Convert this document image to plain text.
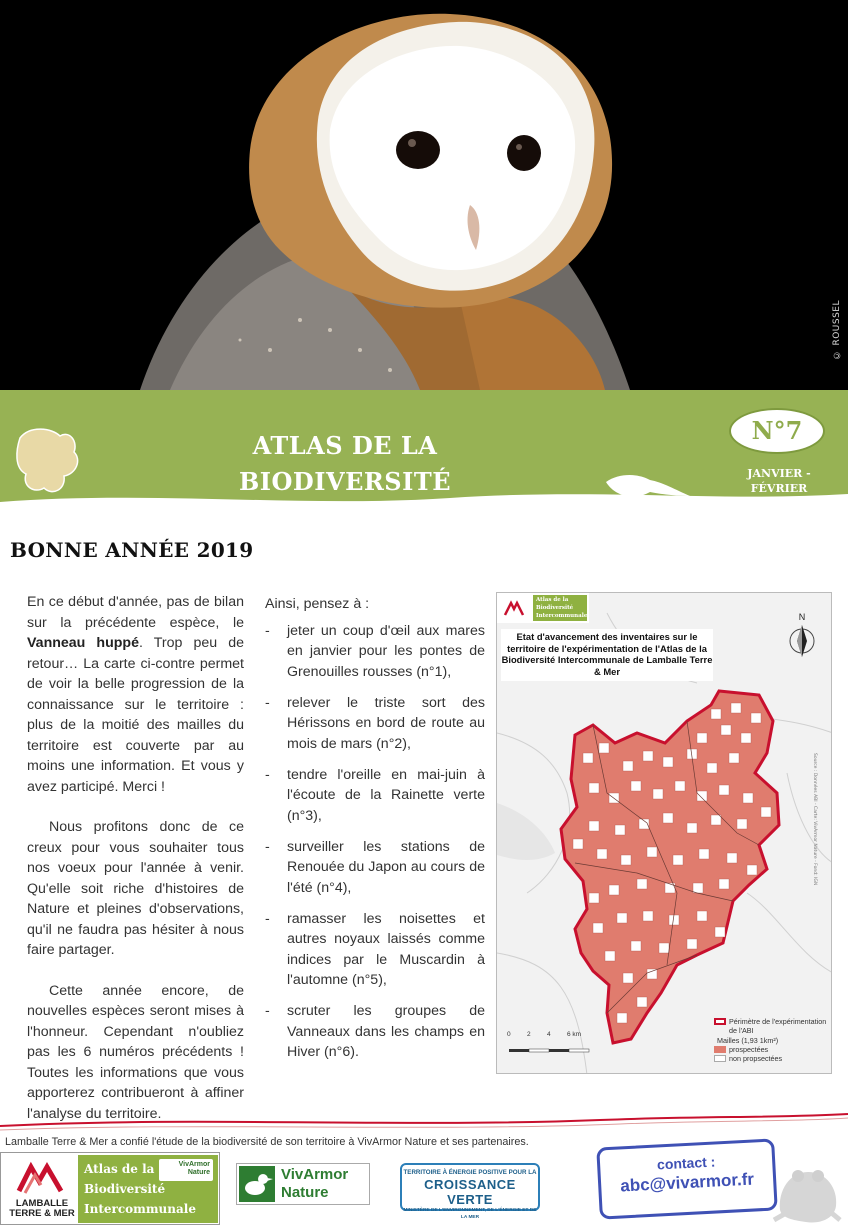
© ROUSSEL
ATLAS DE LA BIODIVERSITÉ
INFOS
N°7
JANVIER - FÉVRIER
2019
BONNE ANNÉE 2019

En ce début d'année, pas de bilan sur la précédente espèce, le Vanneau huppé. Trop peu de retour… La carte ci-contre permet de voir la belle progression de la connaissance sur le territoire : plus de la moitié des mailles du territoire est couverte par au moins une information. Et vous y avez participé. Merci !

Nous profitons donc de ce creux pour vous souhaiter tous nos voeux pour l'année à venir. Qu'elle soit riche d'histoires de Nature et pleines d'observations, qu'il ne faudra pas hésiter à nous faire partager.

Cette année encore, de nouvelles espèces seront mises à l'honneur. Cependant n'oubliez pas les 6 numéros précédents ! Toutes les informations que vous apporterez contribueront à affiner l'analyse du territoire.

Ainsi, pensez à :
- jeter un coup d'œil aux mares en janvier pour les pontes de Grenouilles rousses (n°1),
- relever le triste sort des Hérissons en bord de route au mois de mars (n°2),
- tendre l'oreille en mai-juin à l'écoute de la Rainette verte (n°3),
- surveiller les stations de Renouée du Japon au cours de l'été (n°4),
- ramasser les noisettes et autres noyaux laissés comme indices par le Muscardin à l'automne (n°5),
- scruter les groupes de Vanneaux dans les champs en Hiver (n°6).
Atlas de la
Biodiversité
Intercommunale
Etat d'avancement des inventaires sur le territoire de l'expérimentation de l'Atlas de la Biodiversité Intercommunale de Lamballe Terre & Mer
N
Source : Données ABI - Carte: VivArmor Nature - Fond: IGN
Périmètre de l'expérimentation de l'ABI
Mailles (1,93 1km²)
prospectées
non propsectées
0	2	4	6 km
Lamballe Terre & Mer a confié l'étude de la biodiversité de son territoire à VivArmor Nature et ses partenaires.
LAMBALLE
TERRE & MER
Atlas de la
Biodiversité
Intercommunale
VivArmor
Nature	VivArmor
Nature
TERRITOIRE À ÉNERGIE POSITIVE POUR LA
CROISSANCE VERTE
MINISTÈRE DE L'ENVIRONNEMENT, DE L'ÉNERGIE ET DE LA MER
contact :
abc@vivarmor.fr
